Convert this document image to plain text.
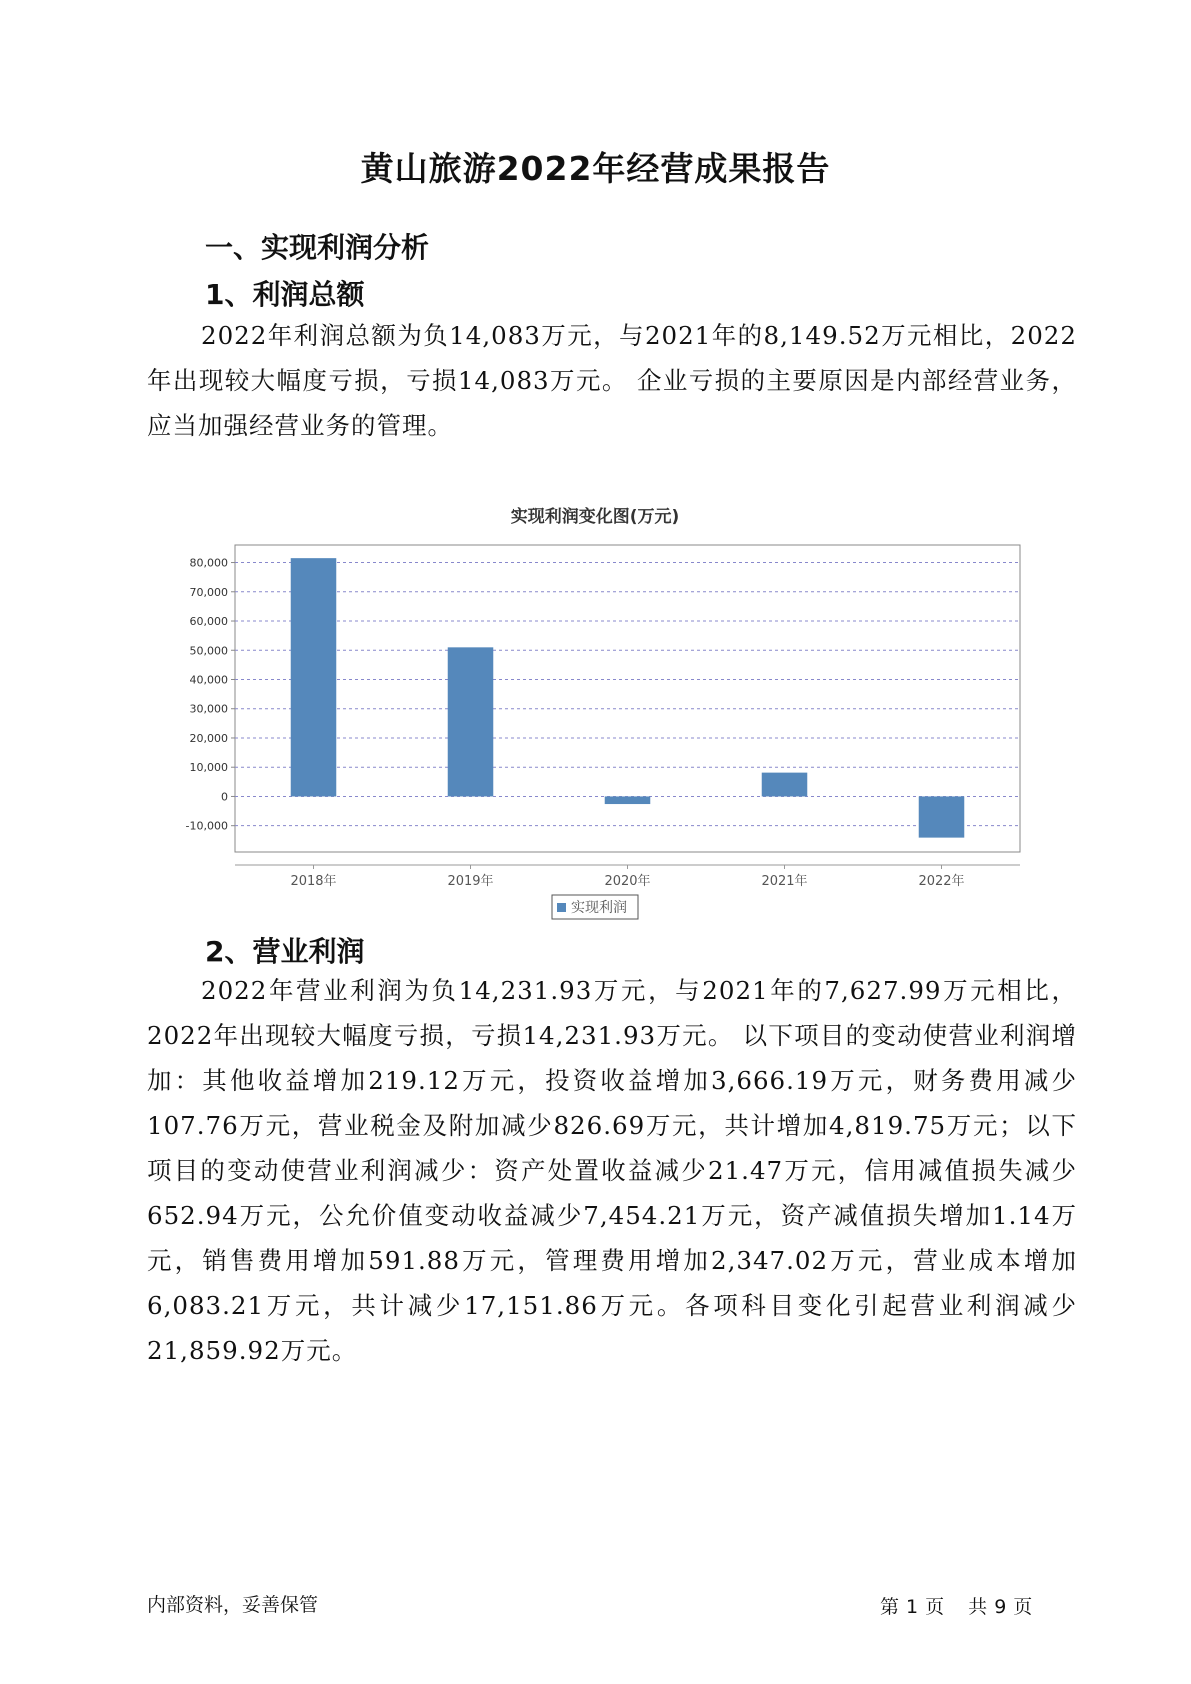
黄山旅游2022年经营成果报告
一、实现利润分析
1、利润总额

2022年利润总额为负14,083万元，与2021年的8,149.52万元相比，2022年出现较大幅度亏损，亏损14,083万元。 企业亏损的主要原因是内部经营业务，应当加强经营业务的管理。

实现利润变化图(万元)
80,000
70,000
60,000
50,000
40,000
30,000
20,000
10,000
0
-10,000
2018年	2019年	2020年	2021年	2022年
实现利润
2、营业利润

2022年营业利润为负14,231.93万元，与2021年的7,627.99万元相比，2022年出现较大幅度亏损，亏损14,231.93万元。 以下项目的变动使营业利润增加：其他收益增加219.12万元，投资收益增加3,666.19万元，财务费用减少107.76万元，营业税金及附加减少826.69万元，共计增加4,819.75万元；以下项目的变动使营业利润减少：资产处置收益减少21.47万元，信用减值损失减少652.94万元，公允价值变动收益减少7,454.21万元，资产减值损失增加1.14万元，销售费用增加591.88万元，管理费用增加2,347.02万元，营业成本增加6,083.21万元，共计减少17,151.86万元。各项科目变化引起营业利润减少21,859.92万元。

内部资料，妥善保管	第 1 页 共 9 页
